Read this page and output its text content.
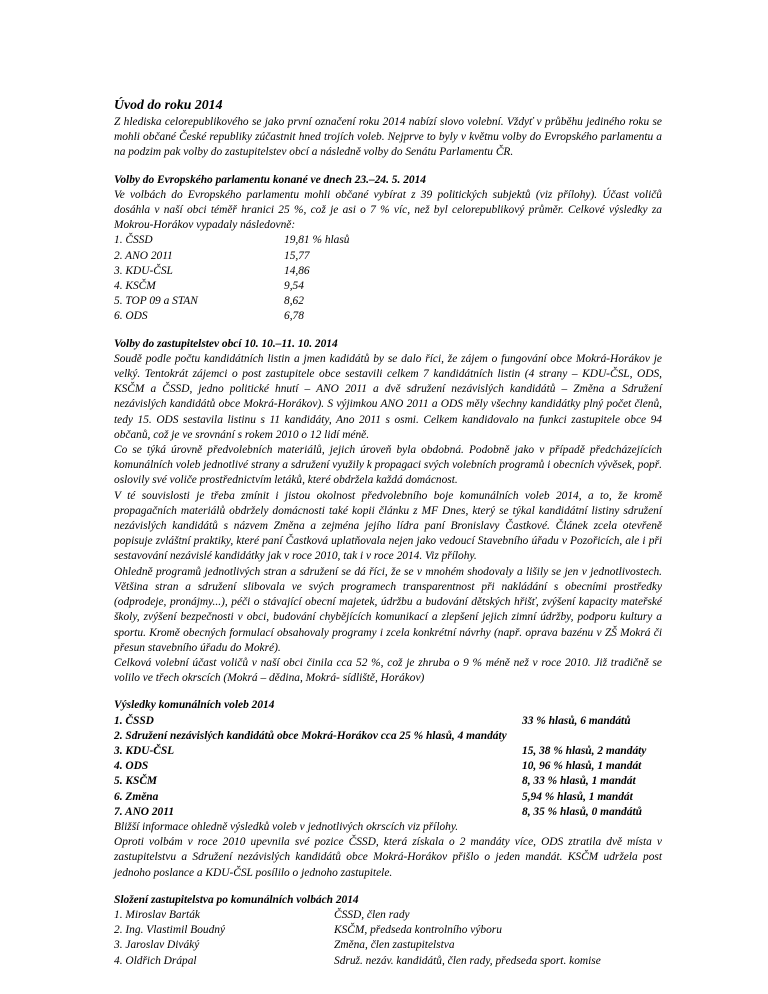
Úvod do roku 2014

Z hlediska celorepublikového se jako první označení roku 2014 nabízí slovo volební. Vždyť v průběhu jediného roku se mohli občané České republiky zúčastnit hned trojích voleb. Nejprve to byly v květnu volby do Evropského parlamentu a na podzim pak volby do zastupitelstev obcí a následně volby do Senátu Parlamentu ČR.

Volby do Evropského parlamentu konané ve dnech 23.–24. 5. 2014

Ve volbách do Evropského parlamentu mohli občané vybírat z 39 politických subjektů (viz přílohy). Účast voličů dosáhla v naší obci téměř hranici 25 %, což je asi o 7 % víc, než byl celorepublikový průměr. Celkové výsledky za Mokrou-Horákov vypadaly následovně:

1. ČSSD	19,81 % hlasů
2. ANO 2011	15,77
3. KDU-ČSL	14,86
4. KSČM	9,54
5. TOP 09 a STAN	8,62
6. ODS	6,78
Volby do zastupitelstev obcí 10. 10.–11. 10. 2014

Soudě podle počtu kandidátních listin a jmen kadidátů by se dalo říci, že zájem o fungování obce Mokrá-Horákov je velký. Tentokrát zájemci o post zastupitele obce sestavili celkem 7 kandidátních listin (4 strany – KDU-ČSL, ODS, KSČM a ČSSD, jedno politické hnutí – ANO 2011 a dvě sdružení nezávislých kandidátů – Změna a Sdružení nezávislých kandidátů obce Mokrá-Horákov). S výjimkou ANO 2011 a ODS měly všechny kandidátky plný počet členů, tedy 15. ODS sestavila listinu s 11 kandidáty, Ano 2011 s osmi. Celkem kandidovalo na funkci zastupitele obce 94 občanů, což je ve srovnání s rokem 2010 o 12 lidí méně.

Co se týká úrovně předvolebních materiálů, jejich úroveň byla obdobná. Podobně jako v případě předcházejících komunálních voleb jednotlivé strany a sdružení využily k propagaci svých volebních programů i obecních vývěsek, popř. oslovily své voliče prostřednictvím letáků, které obdržela každá domácnost.

V té souvislosti je třeba zmínit i jistou okolnost předvolebního boje komunálních voleb 2014, a to, že kromě propagačních materiálů obdržely domácnosti také kopii článku z MF Dnes, který se týkal kandidátní listiny sdružení nezávislých kandidátů s názvem Změna a zejména jejího lídra paní Bronislavy Častkové. Článek zcela otevřeně popisuje zvláštní praktiky, které paní Častková uplatňovala nejen jako vedoucí Stavebního úřadu v Pozořicích, ale i při sestavování nezávislé kandidátky jak v roce 2010, tak i v roce 2014. Viz přílohy.

Ohledně programů jednotlivých stran a sdružení se dá říci, že se v mnohém shodovaly a lišily se jen v jednotlivostech. Většina stran a sdružení slibovala ve svých programech transparentnost při nakládání s obecními prostředky (odprodeje, pronájmy...), péči o stávající obecní majetek, údržbu a budování dětských hřišť, zvýšení kapacity mateřské školy, zvýšení bezpečnosti v obci, budování chybějících komunikací a zlepšení jejich zimní údržby, podporu kultury a sportu. Kromě obecných formulací obsahovaly programy i zcela konkrétní návrhy (např. oprava bazénu v ZŠ Mokrá či přesun stavebního úřadu do Mokré).

Celková volební účast voličů v naší obci činila cca 52 %, což je zhruba o 9 % méně než v roce 2010. Již tradičně se volilo ve třech okrscích (Mokrá – dědina, Mokrá- sídliště, Horákov)

Výsledky komunálních voleb 2014
1. ČSSD	33 % hlasů, 6 mandátů
2. Sdružení nezávislých kandidátů obce Mokrá-Horákov cca 25 % hlasů, 4 mandáty
3. KDU-ČSL	15, 38 % hlasů, 2 mandáty
4. ODS	10, 96 % hlasů, 1 mandát
5. KSČM	8, 33 % hlasů, 1 mandát
6. Změna	5,94 % hlasů, 1 mandát
7. ANO 2011	8, 35 % hlasů, 0 mandátů

Bližší informace ohledně výsledků voleb v jednotlivých okrscích viz přílohy.

Oproti volbám v roce 2010 upevnila své pozice ČSSD, která získala o 2 mandáty více, ODS ztratila dvě místa v zastupitelstvu a Sdružení nezávislých kandidátů obce Mokrá-Horákov přišlo o jeden mandát. KSČM udržela post jednoho poslance a KDU-ČSL posílilo o jednoho zastupitele.

Složení zastupitelstva po komunálních volbách 2014
1. Miroslav Barták	ČSSD, člen rady
2. Ing. Vlastimil Boudný	KSČM, předseda kontrolního výboru
3. Jaroslav Diváký	Změna, člen zastupitelstva
4. Oldřich Drápal	Sdruž. nezáv. kandidátů, člen rady, předseda sport. komise
